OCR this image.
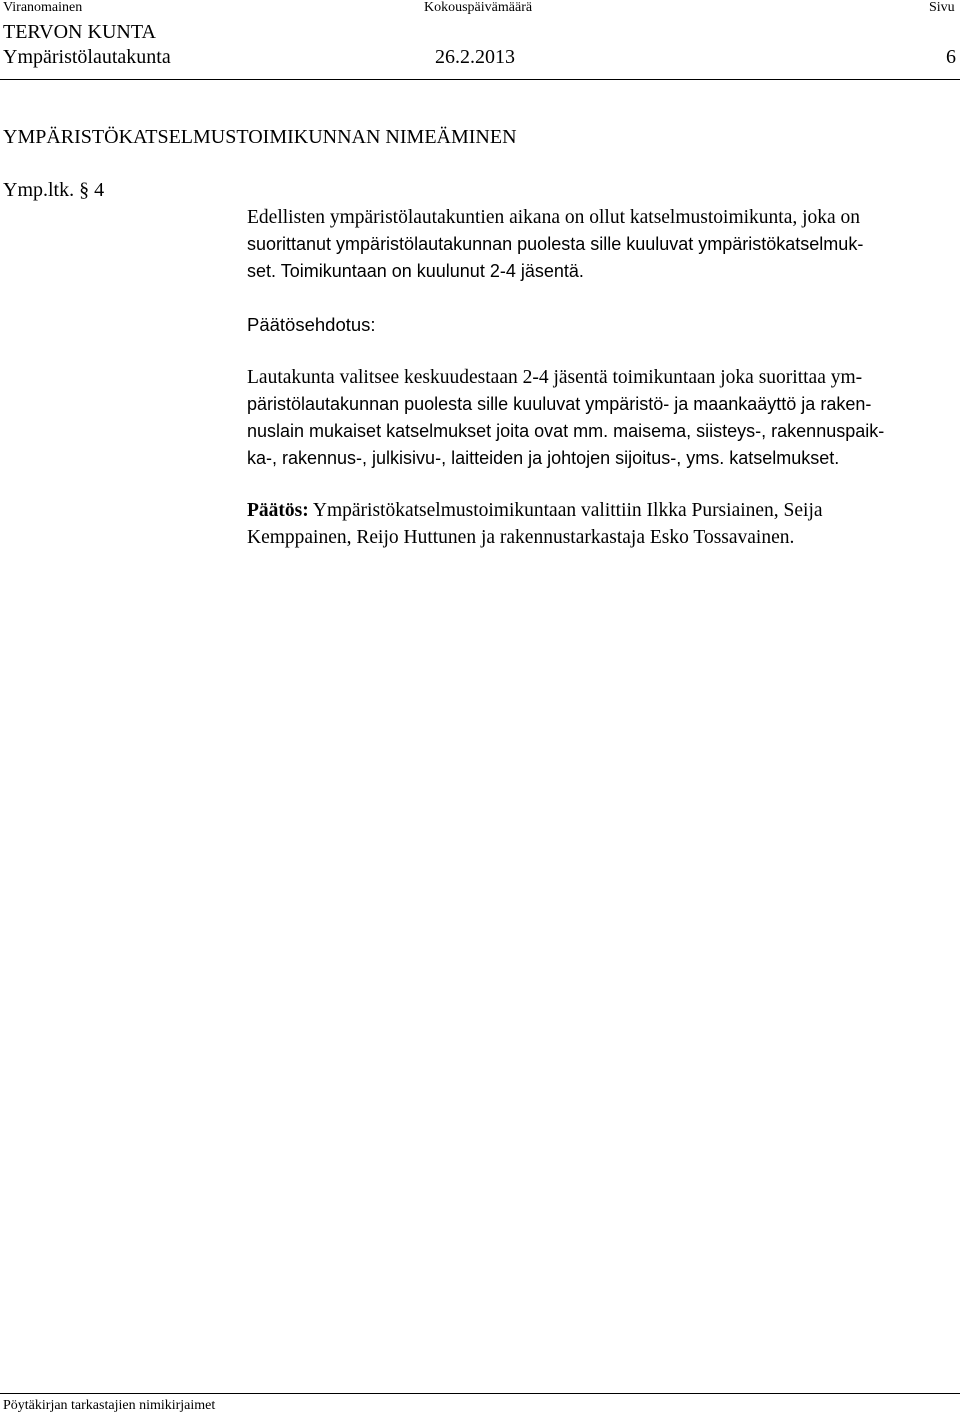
Viranomainen	Kokouspäivämäärä	Sivu
TERVON KUNTA
Ympäristölautakunta	26.2.2013	6
YMPÄRISTÖKATSELMUSTOIMIKUNNAN NIMEÄMINEN
Ymp.ltk. § 4
Edellisten ympäristölautakuntien aikana on ollut katselmustoimikunta, joka on
suorittanut ympäristölautakunnan puolesta sille kuuluvat ympäristökatselmuk-
set. Toimikuntaan on kuulunut 2-4 jäsentä.
Päätösehdotus:
Lautakunta valitsee keskuudestaan 2-4 jäsentä toimikuntaan joka suorittaa ym-
päristölautakunnan puolesta sille kuuluvat ympäristö- ja maankaäyttö ja raken-
nuslain mukaiset katselmukset joita ovat mm. maisema, siisteys-, rakennuspaik-
ka-, rakennus-, julkisivu-, laitteiden ja johtojen sijoitus-, yms. katselmukset.
Päätös: Ympäristökatselmustoimikuntaan valittiin Ilkka Pursiainen, Seija
Kemppainen, Reijo Huttunen ja rakennustarkastaja Esko Tossavainen.
Pöytäkirjan tarkastajien nimikirjaimet
